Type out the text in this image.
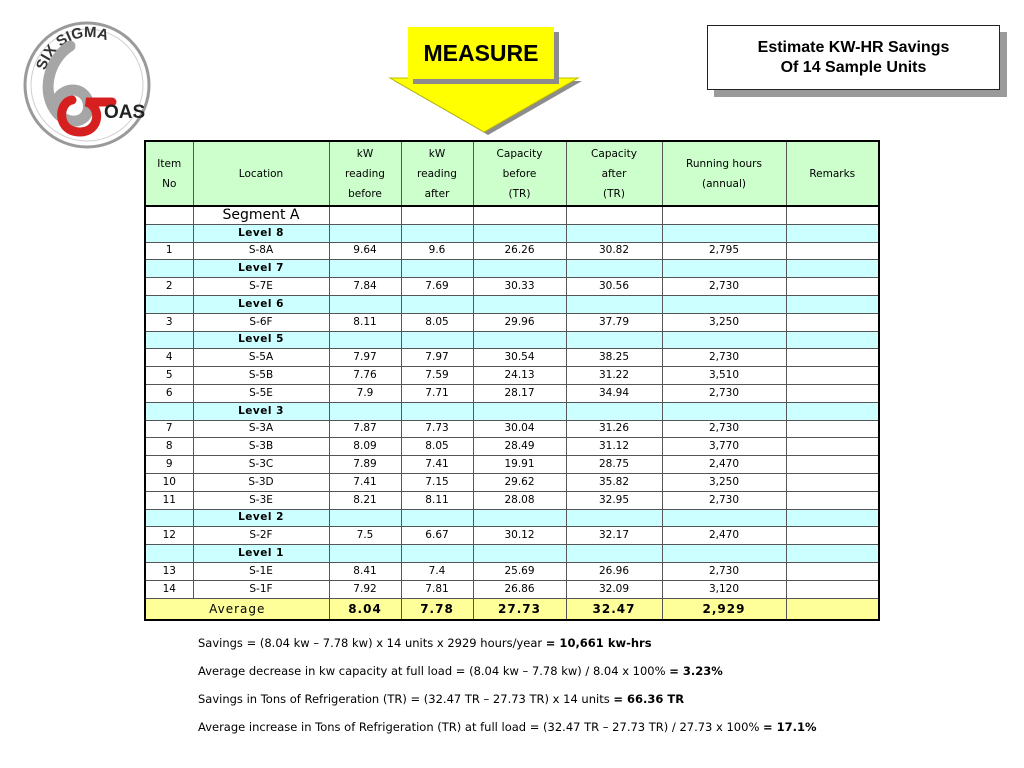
SIX SIGMA
OAS
MEASURE	Estimate KW-HR Savings
Of 14 Sample Units
Item
No	Location	kW
reading
before	kW
reading
after	Capacity
before
(TR)	Capacity
after
(TR)	Running hours
(annual)	Remarks
	Segment A						
	Level 8						
1	S-8A	9.64	9.6	26.26	30.82	2,795	
	Level 7						
2	S-7E	7.84	7.69	30.33	30.56	2,730	
	Level 6						
3	S-6F	8.11	8.05	29.96	37.79	3,250	
	Level 5						
4	S-5A	7.97	7.97	30.54	38.25	2,730	
5	S-5B	7.76	7.59	24.13	31.22	3,510	
6	S-5E	7.9	7.71	28.17	34.94	2,730	
	Level 3						
7	S-3A	7.87	7.73	30.04	31.26	2,730	
8	S-3B	8.09	8.05	28.49	31.12	3,770	
9	S-3C	7.89	7.41	19.91	28.75	2,470	
10	S-3D	7.41	7.15	29.62	35.82	3,250	
11	S-3E	8.21	8.11	28.08	32.95	2,730	
	Level 2						
12	S-2F	7.5	6.67	30.12	32.17	2,470	
	Level 1						
13	S-1E	8.41	7.4	25.69	26.96	2,730	
14	S-1F	7.92	7.81	26.86	32.09	3,120	
Average		8.04	7.78	27.73	32.47	2,929	
Savings = (8.04 kw – 7.78 kw) x 14 units x 2929 hours/year = 10,661 kw-hrs
Average decrease in kw capacity at full load = (8.04 kw – 7.78 kw) / 8.04 x 100% = 3.23%
Savings in Tons of Refrigeration (TR) = (32.47 TR – 27.73 TR) x 14 units = 66.36 TR
Average increase in Tons of Refrigeration (TR) at full load = (32.47 TR – 27.73 TR) / 27.73 x 100% = 17.1%
